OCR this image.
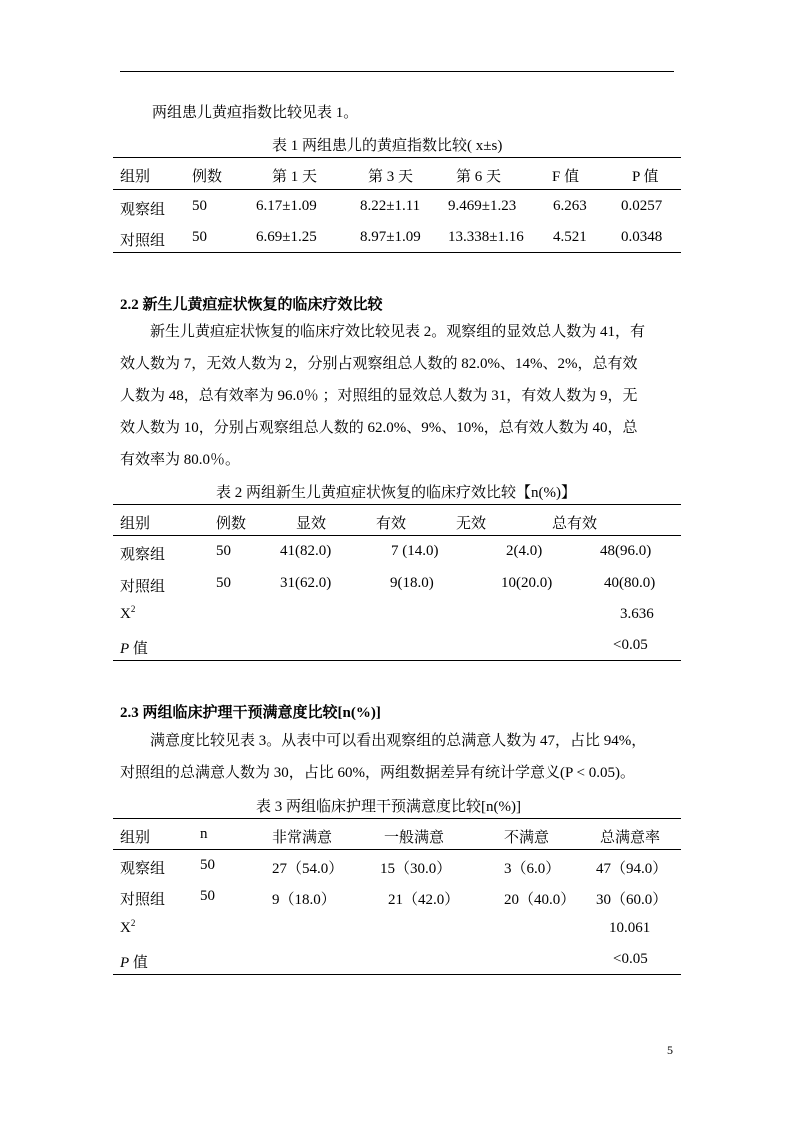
两组患儿黄疸指数比较见表 1。
表 1 两组患儿的黄疸指数比较( x±s)
组别	例数	第 1 天	第 3 天	第 6 天	F 值	P 值
观察组 50	6.17±1.09	8.22±1.11 9.469±1.23 6.263 0.0257
对照组 50	6.69±1.25	8.97±1.09 13.338±1.16 4.521 0.0348
2.2 新生儿黄疸症状恢复的临床疗效比较
新生儿黄疸症状恢复的临床疗效比较见表 2。观察组的显效总人数为 41，有
效人数为 7，无效人数为 2，分别占观察组总人数的 82.0%、14%、2%，总有效
人数为 48，总有效率为 96.0％ ；对照组的显效总人数为 31，有效人数为 9，无
效人数为 10，分别占观察组总人数的 62.0%、9%、10%，总有效人数为 40，总
有效率为 80.0％。
表 2 两组新生儿黄疸症状恢复的临床疗效比较【n(%)】
组别	例数	显效	有效	无效	总有效
观察组	50	41(82.0)	7 (14.0)	2(4.0)	48(96.0)
对照组	50	31(62.0)	9(18.0)	10(20.0)	40(80.0)
$X^2$	3.636
P 值	<0.05
2.3 两组临床护理干预满意度比较[n(%)]
满意度比较见表 3。从表中可以看出观察组的总满意人数为 47，占比 94%，
对照组的总满意人数为 30，占比 60%，两组数据差异有统计学意义(P < 0.05)。
表 3 两组临床护理干预满意度比较[n(%)]
组别	n	非常满意	一般满意	不满意	总满意率
观察组 50	27（54.0） 15（30.0）	3（6.0） 47（94.0）
对照组 50	9（18.0）	21（42.0）	20（40.0） 30（60.0）
$X^2$	10.061
P 值	<0.05
5
